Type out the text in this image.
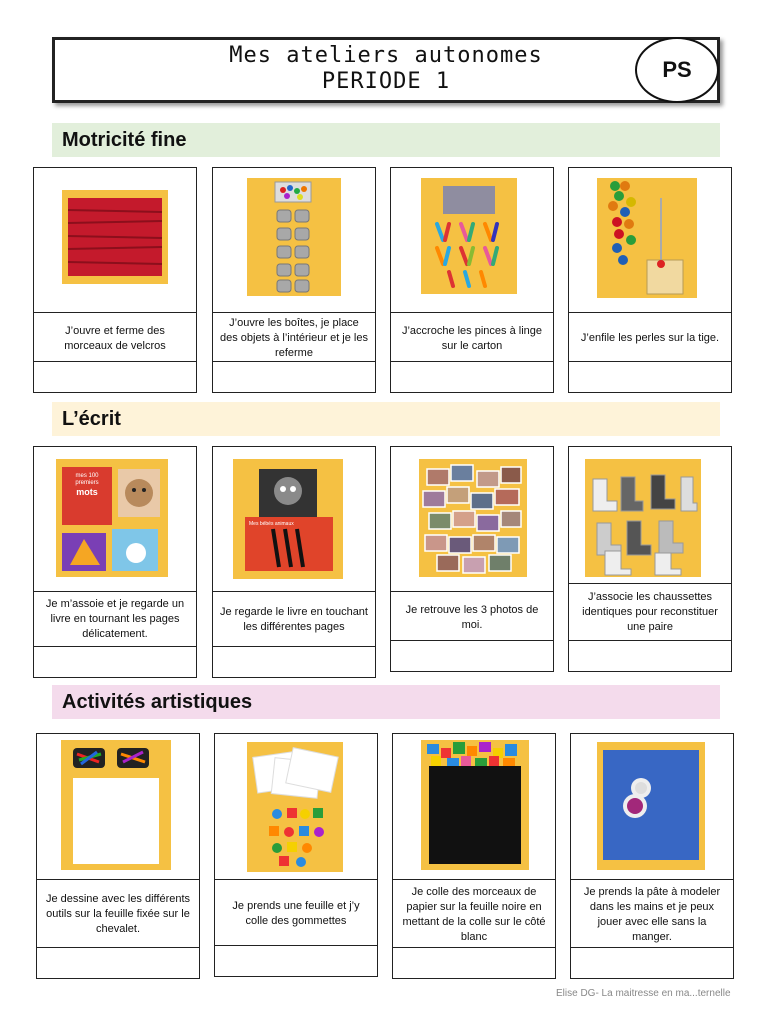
Mes ateliers autonomes
PERIODE 1	PS
Motricité fine
L’écrit
Activités artistiques
J’ouvre et ferme des morceaux de velcros
J’ouvre les boîtes, je place des objets à l’intérieur et je les referme
J’accroche les pinces à linge sur le carton
J’enfile les perles sur la tige.
mes 100
premiers
mots
Je m’assoie et je regarde un livre en tournant les pages délicatement.
Mes bébés animaux
Je regarde le livre en touchant les différentes pages
Je retrouve les 3 photos de moi.
J’associe les chaussettes identiques pour reconstituer une paire
Je dessine avec les différents outils sur la feuille fixée sur le chevalet.
Je prends une feuille et j’y colle des gommettes
Je colle des morceaux de papier sur la feuille noire en mettant de la colle sur le côté blanc
Je prends la pâte à modeler dans les mains et je peux jouer avec elle sans la manger.
Elise DG- La maitresse en ma...ternelle
